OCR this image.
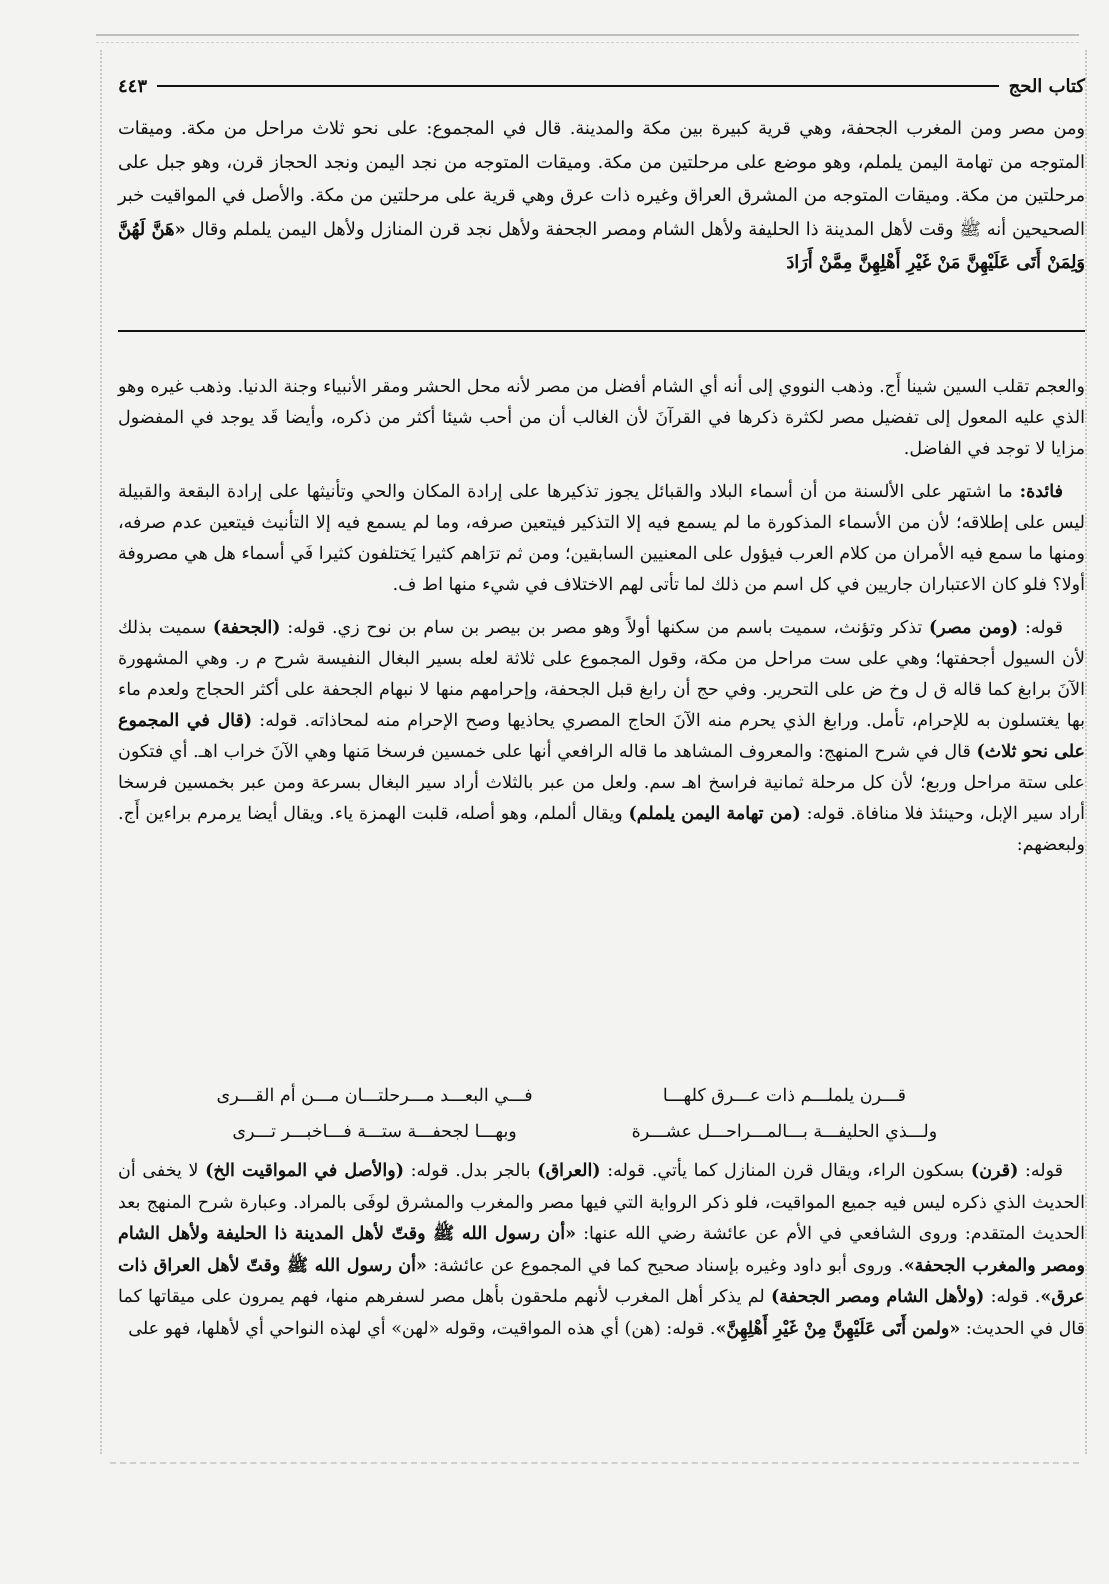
كتاب الحج
٤٤٣

ومن مصر ومن المغرب الجحفة، وهي قرية كبيرة بين مكة والمدينة. قال في المجموع: على نحو ثلاث مراحل من مكة. وميقات المتوجه من تهامة اليمن يلملم، وهو موضع على مرحلتين من مكة. وميقات المتوجه من نجد اليمن ونجد الحجاز قرن، وهو جبل على مرحلتين من مكة. وميقات المتوجه من المشرق العراق وغيره ذات عرق وهي قرية على مرحلتين من مكة. والأصل في المواقيت خبر الصحيحين أنه ﷺ وقت لأهل المدينة ذا الحليفة ولأهل الشام ومصر الجحفة ولأهل نجد قرن المنازل ولأهل اليمن يلملم وقال «هَنَّ لَهُنَّ وَلِمَنْ أَتَى عَلَيْهِنَّ مَنْ غَيْرِ أَهْلِهِنَّ مِمَّنْ أَرَادَ

والعجم تقلب السين شينا أَج. وذهب النووي إلى أنه أي الشام أفضل من مصر لأنه محل الحشر ومقر الأنبياء وجنة الدنيا. وذهب غيره وهو الذي عليه المعول إلى تفضيل مصر لكثرة ذكرها في القرآنَ لأن الغالب أن من أحب شيئا أكثر من ذكره، وأيضا قَد يوجد في المفضول مزايا لا توجد في الفاضل.

فائدة: ما اشتهر على الألسنة من أن أسماء البلاد والقبائل يجوز تذكيرها على إرادة المكان والحي وتأنيثها على إرادة البقعة والقبيلة ليس على إطلاقه؛ لأن من الأسماء المذكورة ما لم يسمع فيه إلا التذكير فيتعين صرفه، وما لم يسمع فيه إلا التأنيث فيتعين عدم صرفه، ومنها ما سمع فيه الأمران من كلام العرب فيؤول على المعنيين السابقين؛ ومن ثم ترَاهم كثيرا يَختلفون كثيرا فَي أسماء هل هي مصروفة أولا؟ فلو كان الاعتباران جاريين في كل اسم من ذلك لما تأتى لهم الاختلاف في شيء منها اط ف.

قوله: (ومن مصر) تذكر وتؤنث، سميت باسم من سكنها أولاً وهو مصر بن بيصر بن سام بن نوح زي. قوله: (الجحفة) سميت بذلك لأن السيول أجحفتها؛ وهي على ست مراحل من مكة، وقول المجموع على ثلاثة لعله بسير البغال النفيسة شرح م ر. وهي المشهورة الآنَ برابغ كما قاله ق ل وخ ض على التحرير. وفي حج أن رابغ قبل الجحفة، وإحرامهم منها لا نبهام الجحفة على أكثر الحجاج ولعدم ماء بها يغتسلون به للإحرام، تأمل. ورابغ الذي يحرم منه الآنَ الحاج المصري يحاذيها وصح الإحرام منه لمحاذاته. قوله: (قال في المجموع على نحو ثلاث) قال في شرح المنهج: والمعروف المشاهد ما قاله الرافعي أنها على خمسين فرسخا مَنها وهي الآنَ خراب اهـ. أي فتكون على ستة مراحل وربع؛ لأن كل مرحلة ثمانية فراسخ اهـ سم. ولعل من عبر بالثلاث أراد سير البغال بسرعة ومن عبر بخمسين فرسخا أراد سير الإبل، وحينئذ فلا منافاة. قوله: (من تهامة اليمن يلملم) ويقال ألملم، وهو أصله، قلبت الهمزة ياء. ويقال أيضا يرمرم براءين أَج. ولبعضهم:

قـــرن يلملـــم ذات عـــرق كلهـــا
فـــي البعـــد مـــرحلتـــان مـــن أم القـــرى
ولـــذي الحليفـــة بـــالمـــراحـــل عشـــرة
وبهـــا لجحفـــة ستـــة فـــاخبـــر تـــرى

قوله: (قرن) بسكون الراء، ويقال قرن المنازل كما يأتي. قوله: (العراق) بالجر بدل. قوله: (والأصل في المواقيت الخ) لا يخفى أن الحديث الذي ذكره ليس فيه جميع المواقيت، فلو ذكر الرواية التي فيها مصر والمغرب والمشرق لوفَى بالمراد. وعبارة شرح المنهج بعد الحديث المتقدم: وروى الشافعي في الأم عن عائشة رضي الله عنها: «أن رسول الله ﷺ وقتّ لأهل المدينة ذا الحليفة ولأهل الشام ومصر والمغرب الجحفة». وروى أبو داود وغيره بإسناد صحيح كما في المجموع عن عائشة: «أن رسول الله ﷺ وقتّ لأهل العراق ذات عرق». قوله: (ولأهل الشام ومصر الجحفة) لم يذكر أهل المغرب لأنهم ملحقون بأهل مصر لسفرهم منها، فهم يمرون على ميقاتها كما قال في الحديث: «ولمن أَتَى عَلَيْهِنَّ مِنْ غَيْرِ أَهْلِهِنَّ». قوله: (هن) أي هذه المواقيت، وقوله «لهن» أي لهذه النواحي أي لأهلها، فهو على
